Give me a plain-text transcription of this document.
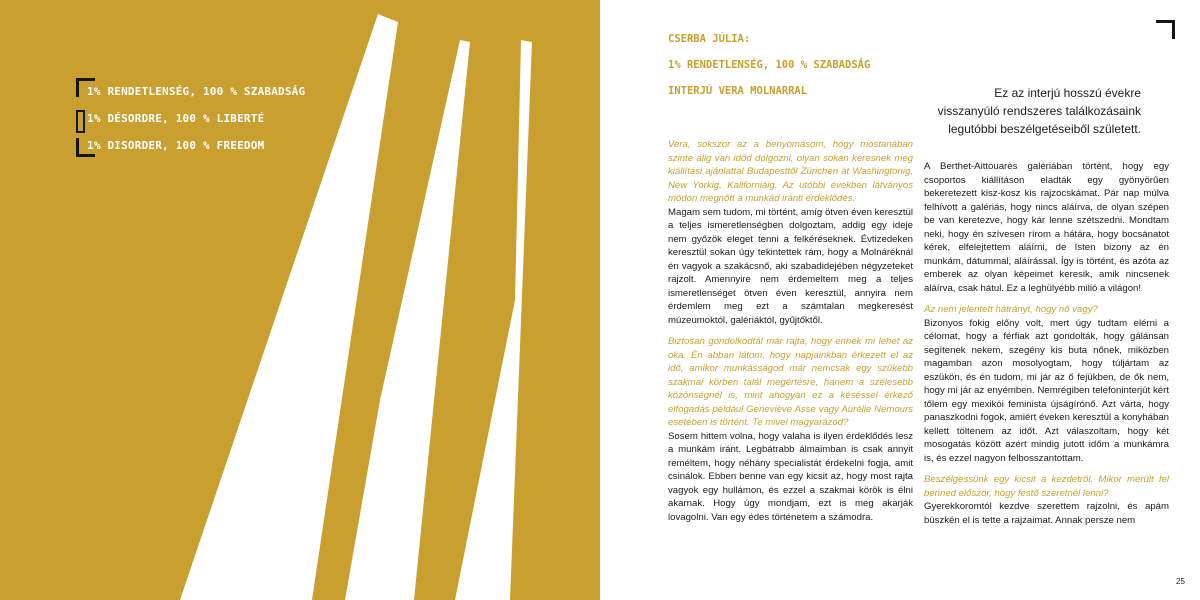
1% RENDETLENSÉG, 100 % SZABADSÁG
1% DÉSORDRE, 100 % LIBERTÉ
1% DISORDER, 100 % FREEDOM
CSERBA JÚLIA:
1% RENDETLENSÉG, 100 % SZABADSÁG
INTERJÚ VERA MOLNARRAL	Ez az interjú hosszú évekre visszanyúló rendszeres találkozásaink legutóbbi beszélgetéseiből született.

Vera, sokszor az a benyomásom, hogy mostanában szinte alig van időd dolgozni, olyan sokan keresnek meg kiállítási ajánlattal Budapesttől Zürichen át Washingtonig, New Yorkig, Kaliforniáig. Az utóbbi években látványos módon megnőtt a munkád iránti érdeklődés.

Magam sem tudom, mi történt, amíg ötven éven keresztül a teljes ismeretlenségben dolgoztam, addig egy ideje nem győzök eleget tenni a felkéréseknek. Évtizedeken keresztül sokan úgy tekintettek rám, hogy a Molnáréknál én vagyok a szakácsnő, aki szabadidejében négyzeteket rajzolt. Amennyire nem érdemeltem meg a teljes ismeretlenséget ötven éven keresztül, annyira nem érdemlem meg ezt a számtalan megkeresést múzeumoktól, galériáktól, gyűjtőktől.

Biztosan gondolkodtál már rajta, hogy ennek mi lehet az oka. Én abban látom, hogy napjainkban érkezett el az idő, amikor munkásságod már nemcsak egy szűkebb szakmai körben talál megértésre, hanem a szélesebb közönségnél is, mint ahogyan ez a késéssel érkező elfogadás például Geneviève Asse vagy Aurélie Nemours esetében is történt. Te mivel magyarázod?

Sosem hittem volna, hogy valaha is ilyen érdeklődés lesz a munkám iránt. Legbátrabb álmaimban is csak annyit reméltem, hogy néhány specialistát érdekelni fogja, amit csinálok. Ebben benne van egy kicsit az, hogy most rajta vagyok egy hullámon, és ezzel a szakmai körök is élni akarnak. Hogy úgy mondjam, ezt is meg akarják lovagolni. Van egy édes történetem a számodra.

A Berthet-Aittouarès galériában történt, hogy egy csoportos kiállításon eladták egy gyönyörűen bekeretezett kisz-kosz kis rajzocskámat. Pár nap múlva felhívott a galériás, hogy nincs aláírva, de olyan szépen be van keretezve, hogy kár lenne szétszedni. Mondtam neki, hogy én szívesen rírom a hátára, hogy bocsánatot kérek, elfelejtettem aláírni, de Isten bizony az én munkám, dátummal, aláírással. Így is történt, és azóta az emberek az olyan képeimet keresik, amik nincsenek aláírva, csak hátul. Ez a leghülyébb milió a világon!

Az nem jelentett hátrányt, hogy nő vagy?

Bizonyos fokig előny volt, mert úgy tudtam elérni a célomat, hogy a férfiak azt gondolták, hogy gálánsan segítenek nekem, szegény kis buta nőnek, miközben magamban azon mosolyogtam, hogy túljártam az eszükön, és én tudom, mi jár az ő fejükben, de ők nem, hogy mi jár az enyémben. Nemrégiben telefoninterjút kért tőlem egy mexikói feminista újságírónő. Azt várta, hogy panaszkodni fogok, amiért éveken keresztül a konyhában kellett töltenem az időt. Azt válaszoltam, hogy két mosogatás között azért mindig jutott időm a munkámra is, és ezzel nagyon felbosszantottam.

Beszélgessünk egy kicsit a kezdetről. Mikor merült fel benned először, hogy festő szeretnél lenni?

Gyerekkoromtól kezdve szerettem rajzolni, és apám büszkén el is tette a rajzaimat. Annak persze nem

25
